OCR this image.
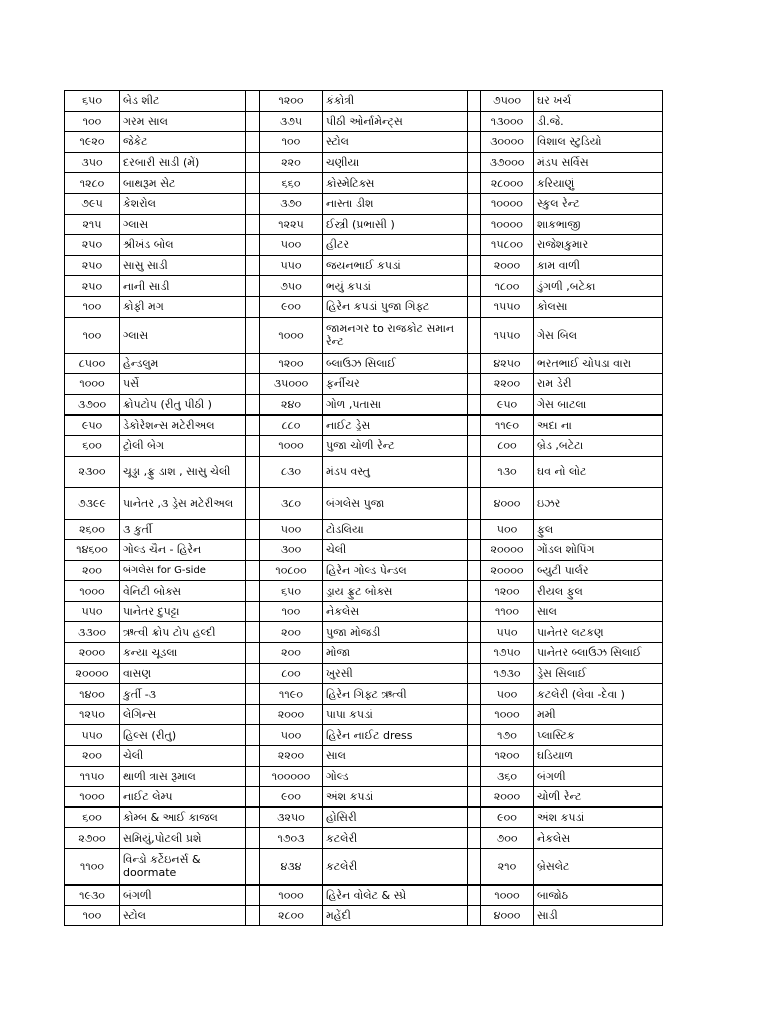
૬૫૦	બેડ શીટ			૧૨૦૦	કંકોત્રી			૭૫૦૦	ઘર ખર્ચ
૧૦૦	ગરમ સાલ			૩૭૫	પીઠી ઓર્નામેન્ટ્સ			૧૩૦૦૦	ડી.જે.
૧૯૨૦	જેકેટ			૧૦૦	સ્ટોલ			૩૦૦૦૦	વિશાલ સ્ટુડિયો
૩૫૦	દરબારી સાડી (મેં)			૨૨૦	ચણીયા			૩૭૦૦૦	મંડપ સર્વિસ
૧૨૮૦	બાથરૂમ સેટ			૬૬૦	કોસ્મેટિક્સ			૨૮૦૦૦	કરિયાણું
૭૯૫	કેશરોલ			૩૭૦	નાસ્તા ડીશ			૧૦૦૦૦	સ્કુલ રેન્ટ
૨૧૫	ગ્લાસ			૧૨૨૫	ઈસ્ત્રી (પ્રભાસી )			૧૦૦૦૦	શાકભાજી
૨૫૦	શ્રીખંડ બોલ			૫૦૦	હીટર			૧૫૮૦૦	રાજેશકુમાર
૨૫૦	સાસુ સાડી			૫૫૦	જયનભાઈ કપડાં			૨૦૦૦	કામ વાળી
૨૫૦	નાની સાડી			૭૫૦	ભયું કપડાં			૧૮૦૦	ડુંગળી ,બટેકા
૧૦૦	કોફી મગ			૯૦૦	હિરેન કપડાં પુજા ગિફ્ટ			૧૫૫૦	કોલસા
૧૦૦	ગ્લાસ			૧૦૦૦	જામનગર to રાજકોટ સમાન રેન્ટ			૧૫૫૦	ગેસ બિલ
૮૫૦૦	હેન્ડલુમ			૧૨૦૦	બ્લાઉઝ સિલાઈ			૪૨૫૦	ભરતભાઈ ચોપડા વારા
૧૦૦૦	પર્સે			૩૫૦૦૦	ફર્નીચર			૨૨૦૦	રામ ડેરી
૩૭૦૦	ક્રોપટોપ (રીતુ પીઠી )			૨૪૦	ગોળ ,પતાસા			૯૫૦	ગેસ બાટલા
૯૫૦	ડેકોરેશન્સ મટેરીઅલ			૮૮૦	નાઈટ ડ્રેસ			૧૧૯૦	અદા ના
૬૦૦	ટ્રોલી બેગ			૧૦૦૦	પુજા ચોળી રેન્ટ			૮૦૦	બ્રેડ ,બટેટા
૨૩૦૦	ચૂડ્ડા ,ફ્રુ ડાશ , સાસુ ચેલી			૮૩૦	મંડપ વસ્તુ			૧૩૦	ઘવ નો લોટ
૭૩૯૯	પાનેતર ,૩ ડ્રેસ મટેરીઅલ			૩૮૦	બંગલેસ પુજા			૪૦૦૦	ઇઝર
૨૬૦૦	૩ કુર્તી			૫૦૦	ટોડલિયા			૫૦૦	ફુલ
૧૪૬૦૦	ગોલ્ડ ચૈન - હિરેન			૩૦૦	ચેલી			૨૦૦૦૦	ગોંડલ શોપિંગ
૨૦૦	બંગલેસ for G-side			૧૦૮૦૦	હિરેન ગોલ્ડ પેન્ડલ			૨૦૦૦૦	બ્યુટી પાર્લર
૧૦૦૦	વેનિટી બોક્સ			૬૫૦	ડ્રાય ફ્રુટ બોક્સ			૧૨૦૦	રીયલ ફુલ
૫૫૦	પાનેતર દુપટ્ટા			૧૦૦	નેકલેસ			૧૧૦૦	સાલ
૩૩૦૦	ઋત્વી ક્રોપ ટોપ હલ્દી			૨૦૦	પુજા મોજડી			૫૫૦	પાનેતર લટકણ
૨૦૦૦	કન્યા ચૂડલા			૨૦૦	મોજા			૧૭૫૦	પાનેતર બ્લાઉઝ સિલાઈ
૨૦૦૦૦	વાસણ			૮૦૦	ખુરસી			૧૭૩૦	ડ્રેસ સિલાઈ
૧૪૦૦	કુર્તી -૩			૧૧૯૦	હિરેન ગિફ્ટ ઋત્વી			૫૦૦	કટલેરી (લેવા -દેવા )
૧૨૫૦	લેગિન્સ			૨૦૦૦	પાપા કપડાં			૧૦૦૦	મમી
૫૫૦	હિલ્સ (રીતુ)			૫૦૦	હિરેન નાઈટ dress			૧૭૦	પ્લાસ્ટિક
૨૦૦	ચેલી			૨૨૦૦	સાલ			૧૨૦૦	ઘડિયાળ
૧૧૫૦	થાળી ત્રાસ રૂમાલ			૧૦૦૦૦૦	ગોલ્ડ			૩૬૦	બંગળી
૧૦૦૦	નાઈટ લેમ્પ			૯૦૦	અંશ કપડાં			૨૦૦૦	ચોળી રેન્ટ
૬૦૦	કોમ્બ & આઈ કાજલ			૩૨૫૦	હોસિરી			૯૦૦	અંશ કપડાં
૨૭૦૦	સમિયું,પોટલી પ્રશે			૧૭૦૩	કટલેરી			૭૦૦	નેકલેસ
૧૧૦૦	વિન્ડો કર્ટેઇનર્સ & doormate			૪૩૪	કટલેરી			૨૧૦	બ્રેસલેટ
૧૯૩૦	બંગળી			૧૦૦૦	હિરેન વોલેટ & સ્પ્રે			૧૦૦૦	બાજોઠ
૧૦૦	સ્ટોલ			૨૮૦૦	મહેંદી			૪૦૦૦	સાડી
